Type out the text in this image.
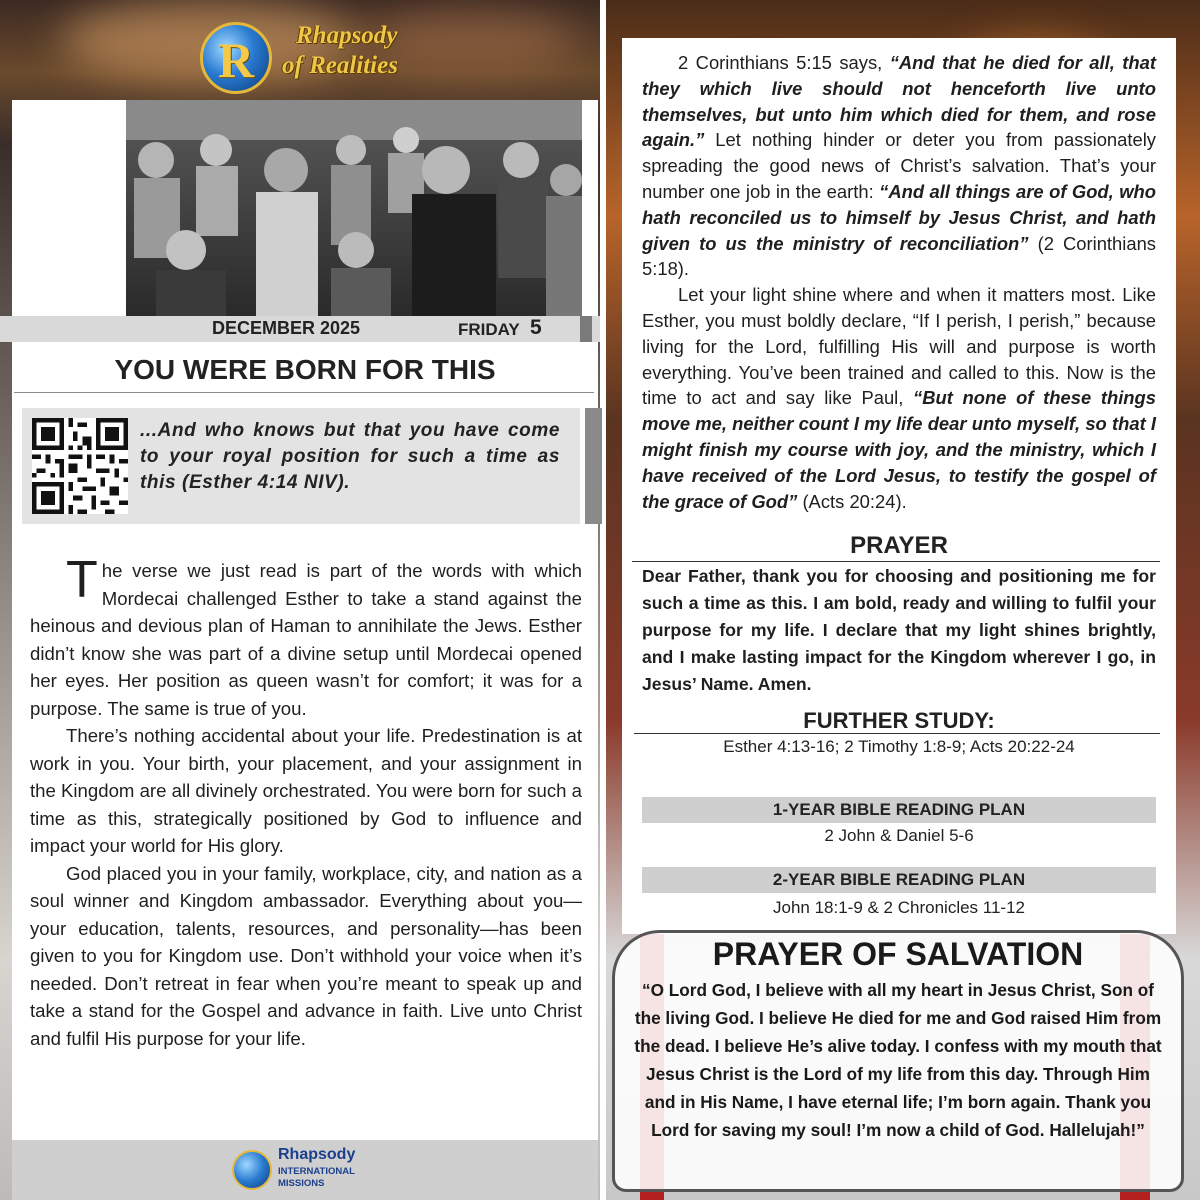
R	Rhapsody
of Realities
DECEMBER 2025	FRIDAY 5
YOU WERE BORN FOR THIS
...And who knows but that you have come to your royal position for such a time as this (Esther 4:14 NIV).

The verse we just read is part of the words with which Mordecai challenged Esther to take a stand against the heinous and devious plan of Haman to annihilate the Jews. Esther didn’t know she was part of a divine setup until Mordecai opened her eyes. Her position as queen wasn’t for comfort; it was for a purpose. The same is true of you.

There’s nothing accidental about your life. Predestination is at work in you. Your birth, your placement, and your assignment in the Kingdom are all divinely orchestrated. You were born for such a time as this, strategically positioned by God to influence and impact your world for His glory.

God placed you in your family, workplace, city, and nation as a soul winner and Kingdom ambassador. Everything about you—your education, talents, resources, and personality—has been given to you for Kingdom use. Don’t withhold your voice when it’s needed. Don’t retreat in fear when you’re meant to speak up and take a stand for the Gospel and advance in faith. Live unto Christ and fulfil His purpose for your life.

Rhapsody
INTERNATIONAL
MISSIONS

2 Corinthians 5:15 says, “And that he died for all, that they which live should not henceforth live unto themselves, but unto him which died for them, and rose again.” Let nothing hinder or deter you from passionately spreading the good news of Christ’s salvation. That’s your number one job in the earth: “And all things are of God, who hath reconciled us to himself by Jesus Christ, and hath given to us the ministry of reconciliation” (2 Corinthians 5:18).

Let your light shine where and when it matters most. Like Esther, you must boldly declare, “If I perish, I perish,” because living for the Lord, fulfilling His will and purpose is worth everything. You’ve been trained and called to this. Now is the time to act and say like Paul, “But none of these things move me, neither count I my life dear unto myself, so that I might finish my course with joy, and the ministry, which I have received of the Lord Jesus, to testify the gospel of the grace of God” (Acts 20:24).

PRAYER
Dear Father, thank you for choosing and positioning me for such a time as this. I am bold, ready and willing to fulfil your purpose for my life. I declare that my light shines brightly, and I make lasting impact for the Kingdom wherever I go, in Jesus’ Name. Amen.
FURTHER STUDY:
Esther 4:13-16; 2 Timothy 1:8-9; Acts 20:22-24
1-YEAR BIBLE READING PLAN
2 John & Daniel 5-6
2-YEAR BIBLE READING PLAN
John 18:1-9 & 2 Chronicles 11-12
PRAYER OF SALVATION
“O Lord God, I believe with all my heart in Jesus Christ, Son of the living God. I believe He died for me and God raised Him from the dead. I believe He’s alive today. I confess with my mouth that Jesus Christ is the Lord of my life from this day. Through Him and in His Name, I have eternal life; I’m born again. Thank you Lord for saving my soul! I’m now a child of God. Hallelujah!”
